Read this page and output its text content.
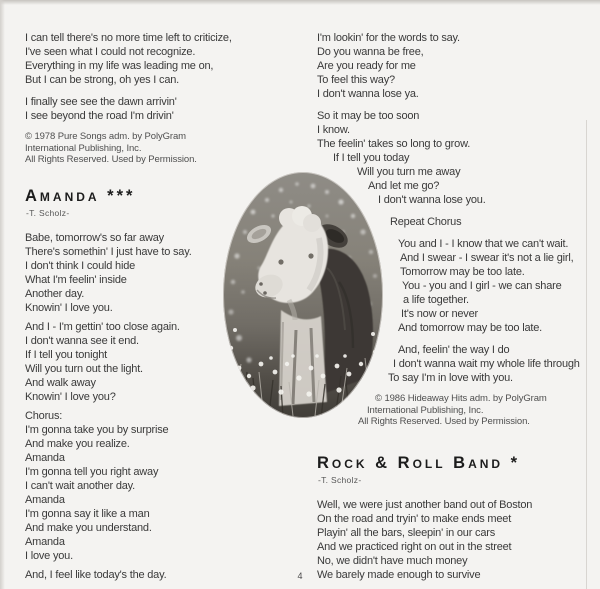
I can tell there's no more time left to criticize,
I've seen what I could not recognize.
Everything in my life was leading me on,
But I can be strong, oh yes I can.
I finally see see the dawn arrivin'
I see beyond the road I'm drivin'
© 1978 Pure Songs adm. by PolyGram
International Publishing, Inc.
All Rights Reserved. Used by Permission.
Amanda ***
-T. Scholz-
Babe, tomorrow's so far away
There's somethin' I just have to say.
I don't think I could hide
What I'm feelin' inside
Another day.
Knowin' I love you.
And I - I'm gettin' too close again.
I don't wanna see it end.
If I tell you tonight
Will you turn out the light.
And walk away
Knowin' I love you?
Chorus:
I'm gonna take you by surprise
And make you realize.
Amanda
I'm gonna tell you right away
I can't wait another day.
Amanda
I'm gonna say it like a man
And make you understand.
Amanda
I love you.
And, I feel like today's the day.
I'm lookin' for the words to say.
Do you wanna be free,
Are you ready for me
To feel this way?
I don't wanna lose ya.
So it may be too soon
I know.
The feelin' takes so long to grow.
If I tell you today
Will you turn me away
And let me go?
I don't wanna lose you.
Repeat Chorus
You and I - I know that we can't wait.
And I swear - I swear it's not a lie girl,
Tomorrow may be too late.
You - you and I girl - we can share
a life together.
It's now or never
And tomorrow may be too late.
And, feelin' the way I do
I don't wanna wait my whole life through
To say I'm in love with you.
© 1986 Hideaway Hits adm. by PolyGram
International Publishing, Inc.
All Rights Reserved. Used by Permission.
Rock & Roll Band *
-T. Scholz-
Well, we were just another band out of Boston
On the road and tryin' to make ends meet
Playin' all the bars, sleepin' in our cars
And we practiced right on out in the street
No, we didn't have much money
We barely made enough to survive
4
